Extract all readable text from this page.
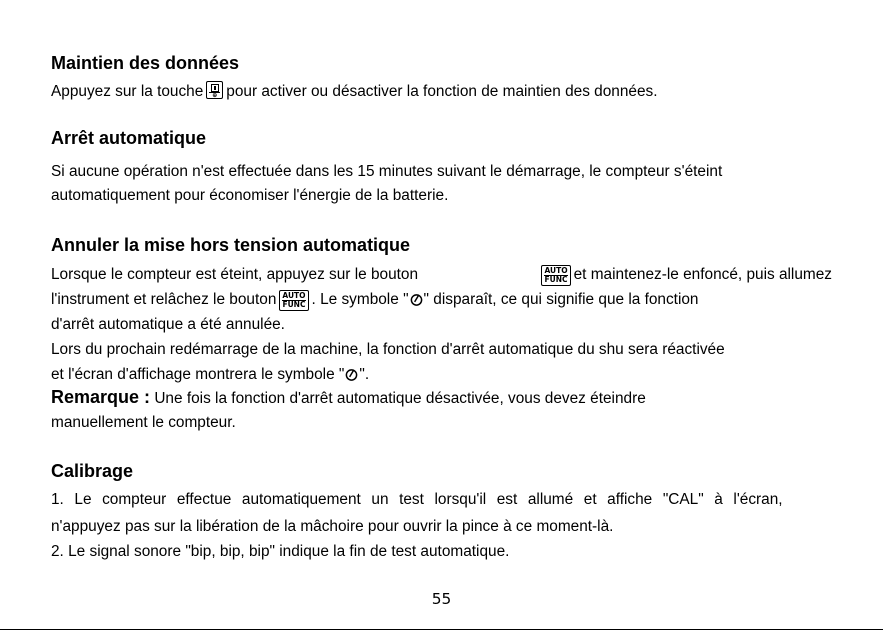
Maintien des données
Appuyez sur la touche ⊕ pour activer ou désactiver la fonction de maintien des données.
Arrêt automatique
Si aucune opération n'est effectuée dans les 15 minutes suivant le démarrage, le compteur s'éteint
automatiquement pour économiser l'énergie de la batterie.
Annuler la mise hors tension automatique
Lorsque le compteur est éteint, appuyez sur le bouton	AUTO
FUNC et maintenez-le enfoncé, puis allumez
l'instrument et relâchez le bouton AUTO
FUNC . Le symbole " " disparaît, ce qui signifie que la fonction
d'arrêt automatique a été annulée.
Lors du prochain redémarrage de la machine, la fonction d'arrêt automatique du shu sera réactivée
et l'écran d'affichage montrera le symbole " ".
Remarque : Une fois la fonction d'arrêt automatique désactivée, vous devez éteindre
manuellement le compteur.
Calibrage
1. Le compteur effectue automatiquement un test lorsqu'il est allumé et affiche "CAL" à l'écran,
n'appuyez pas sur la libération de la mâchoire pour ouvrir la pince à ce moment-là.
2. Le signal sonore "bip, bip, bip" indique la fin de test automatique.
55
